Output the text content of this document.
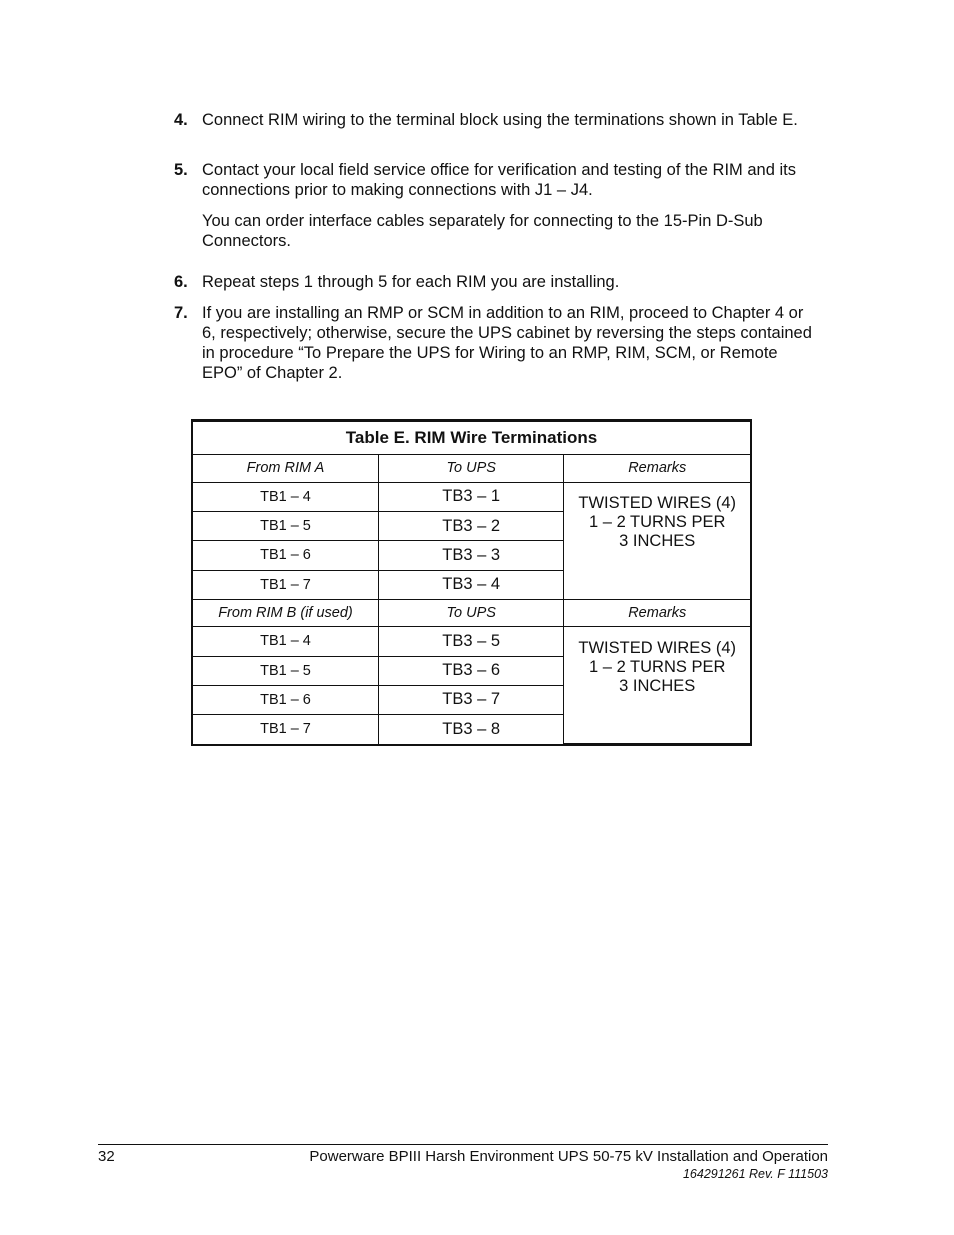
4. Connect RIM wiring to the terminal block using the terminations shown in Table E.
5. Contact your local field service office for verification and testing of the RIM and its connections prior to making connections with J1 – J4.
You can order interface cables separately for connecting to the 15-Pin D-Sub Connectors.
6. Repeat steps 1 through 5 for each RIM you are installing.
7. If you are installing an RMP or SCM in addition to an RIM, proceed to Chapter 4 or 6, respectively; otherwise, secure the UPS cabinet by reversing the steps contained in procedure “To Prepare the UPS for Wiring to an RMP, RIM, SCM, or Remote EPO” of Chapter 2.
Table E. RIM Wire Terminations		
From RIM A	To UPS	Remarks
TB1 – 4	TB3 – 1	TWISTED WIRES (4)
1 – 2 TURNS PER
3 INCHES

TB1 – 5	TB3 – 2	
TB1 – 6	TB3 – 3	
TB1 – 7	TB3 – 4	
From RIM B (if used)	To UPS	Remarks
TB1 – 4	TB3 – 5	TWISTED WIRES (4)
1 – 2 TURNS PER
3 INCHES

TB1 – 5	TB3 – 6	
TB1 – 6	TB3 – 7	
TB1 – 7	TB3 – 8	
32	Powerware BPIII Harsh Environment UPS 50-75 kV Installation and Operation
164291261 Rev. F 111503
